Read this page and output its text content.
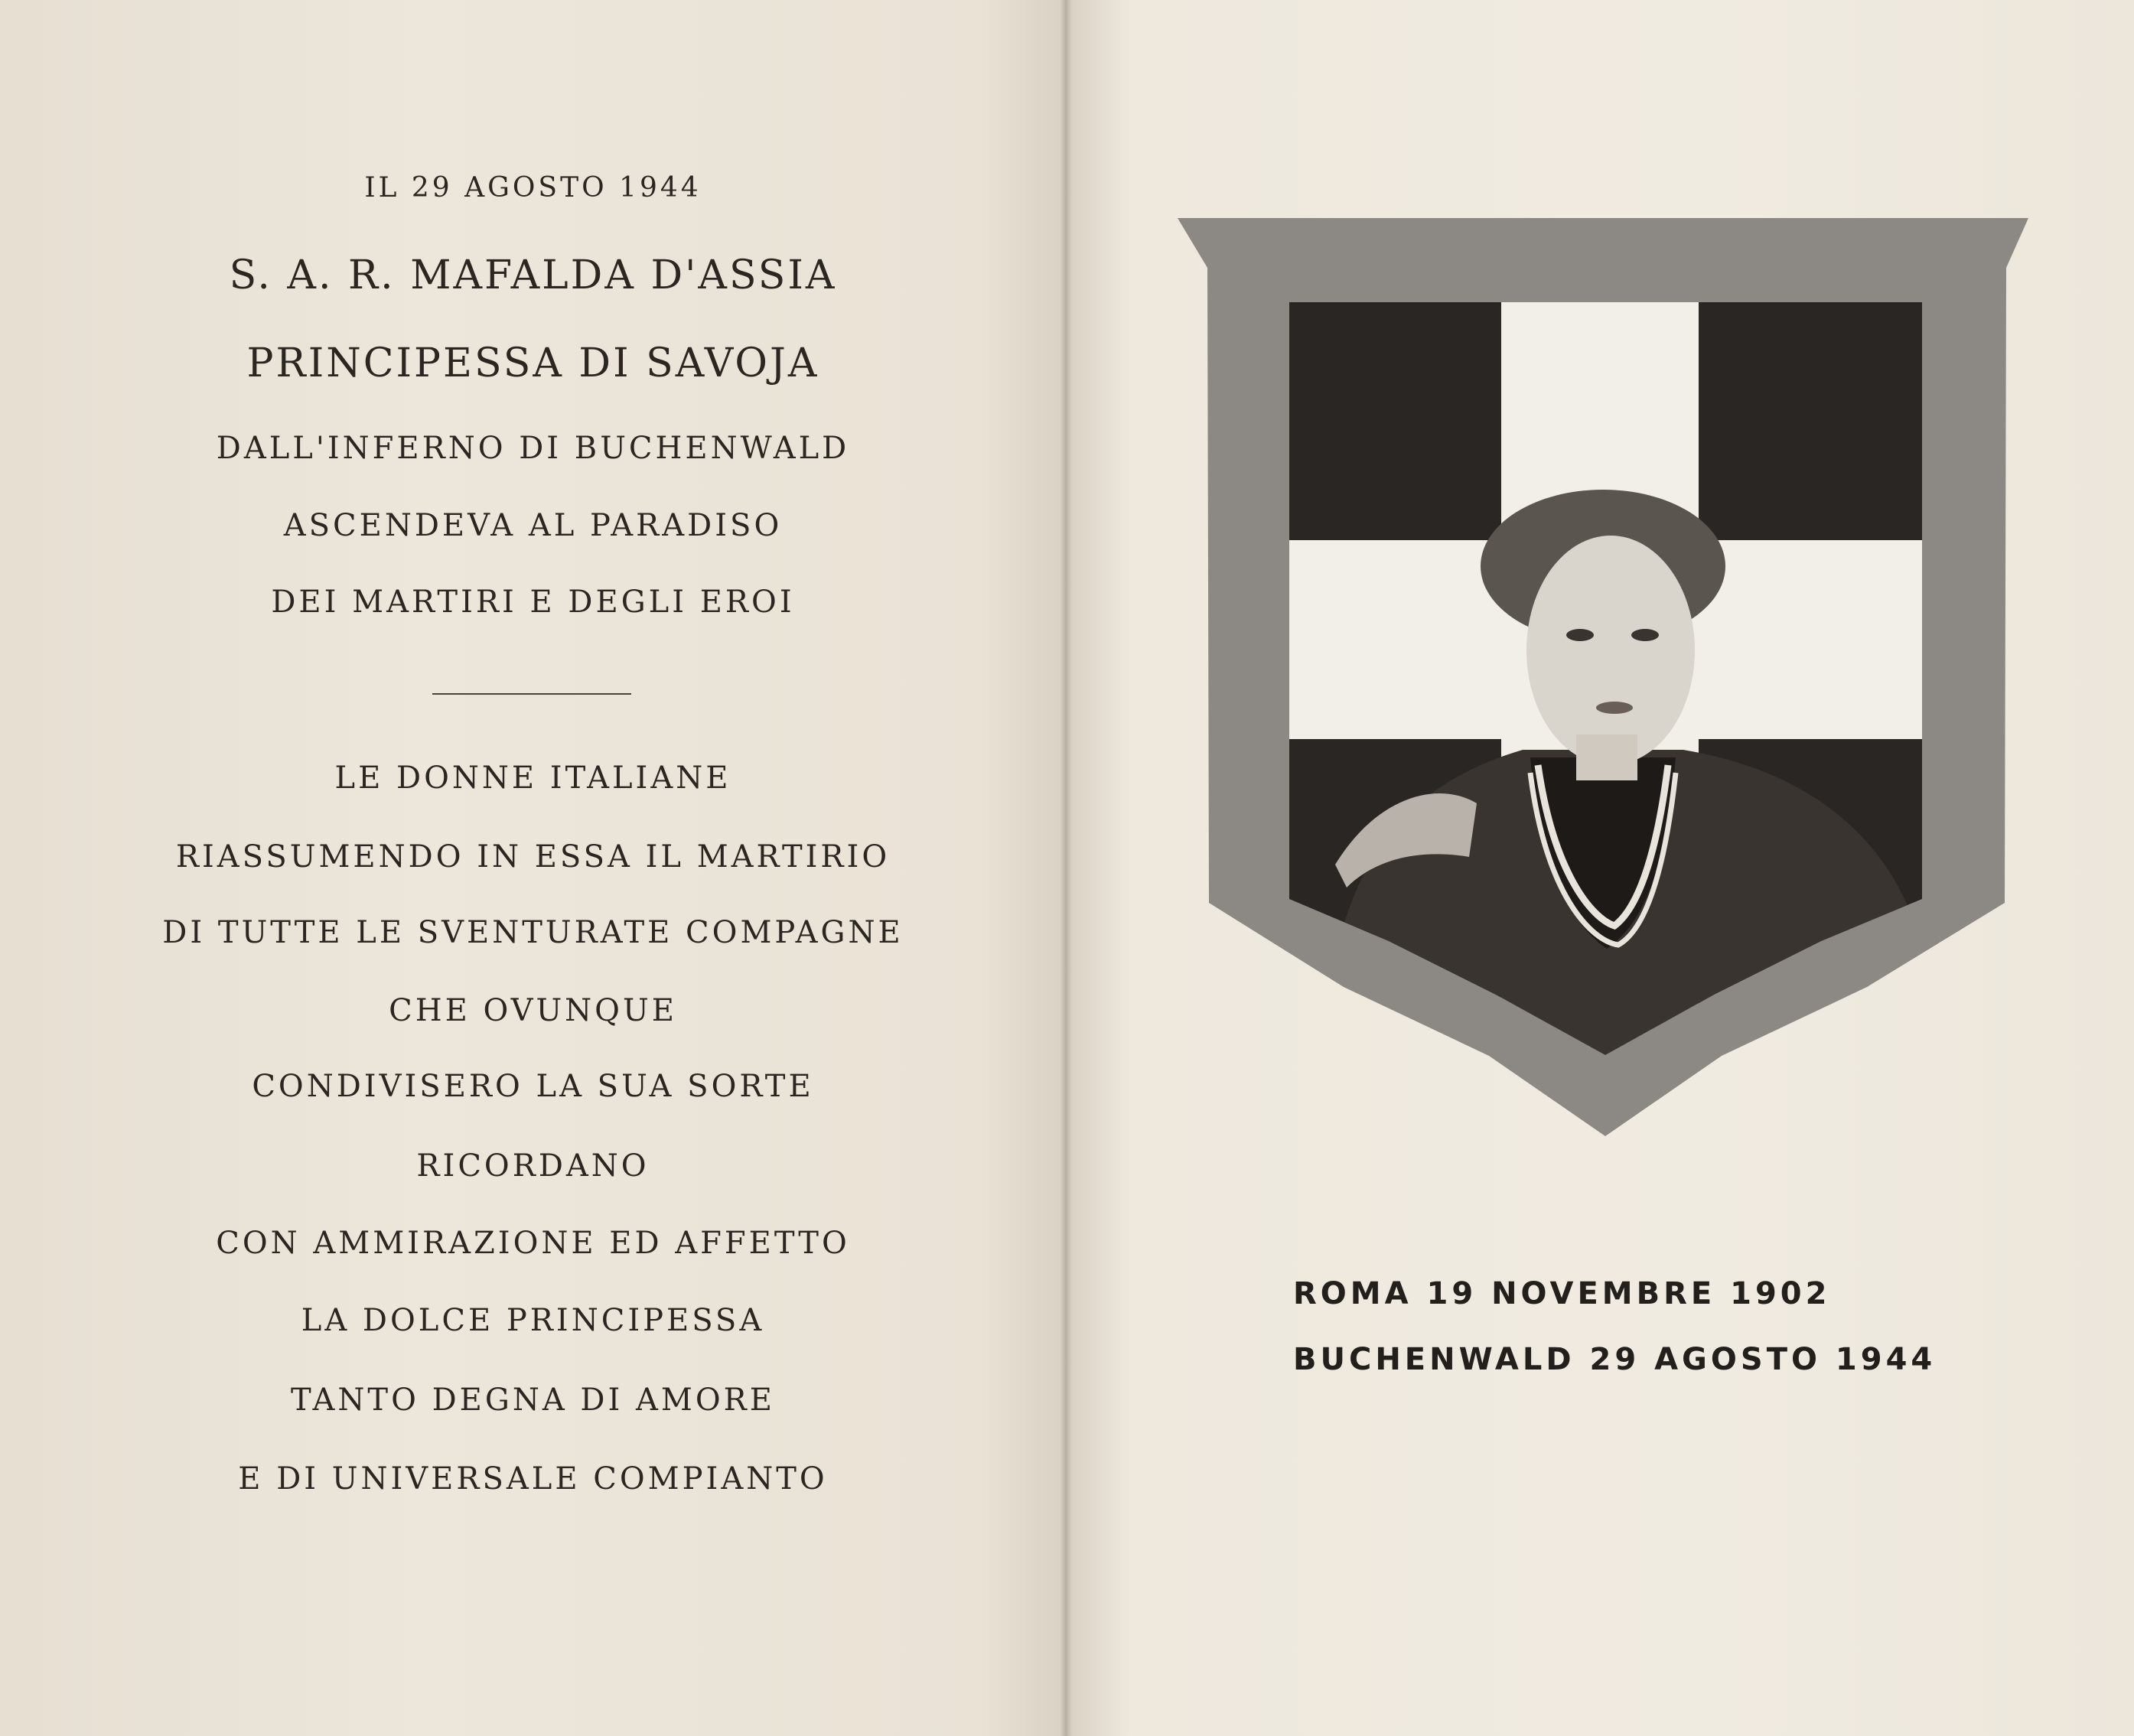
IL 29 AGOSTO 1944
S. A. R. MAFALDA D'ASSIA
PRINCIPESSA DI SAVOJA
DALL'INFERNO DI BUCHENWALD
ASCENDEVA AL PARADISO
DEI MARTIRI E DEGLI EROI
LE DONNE ITALIANE
RIASSUMENDO IN ESSA IL MARTIRIO
DI TUTTE LE SVENTURATE COMPAGNE
CHE OVUNQUE
CONDIVISERO LA SUA SORTE
RICORDANO
CON AMMIRAZIONE ED AFFETTO
LA DOLCE PRINCIPESSA
TANTO DEGNA DI AMORE
E DI UNIVERSALE COMPIANTO
ROMA 19 NOVEMBRE 1902
BUCHENWALD 29 AGOSTO 1944
